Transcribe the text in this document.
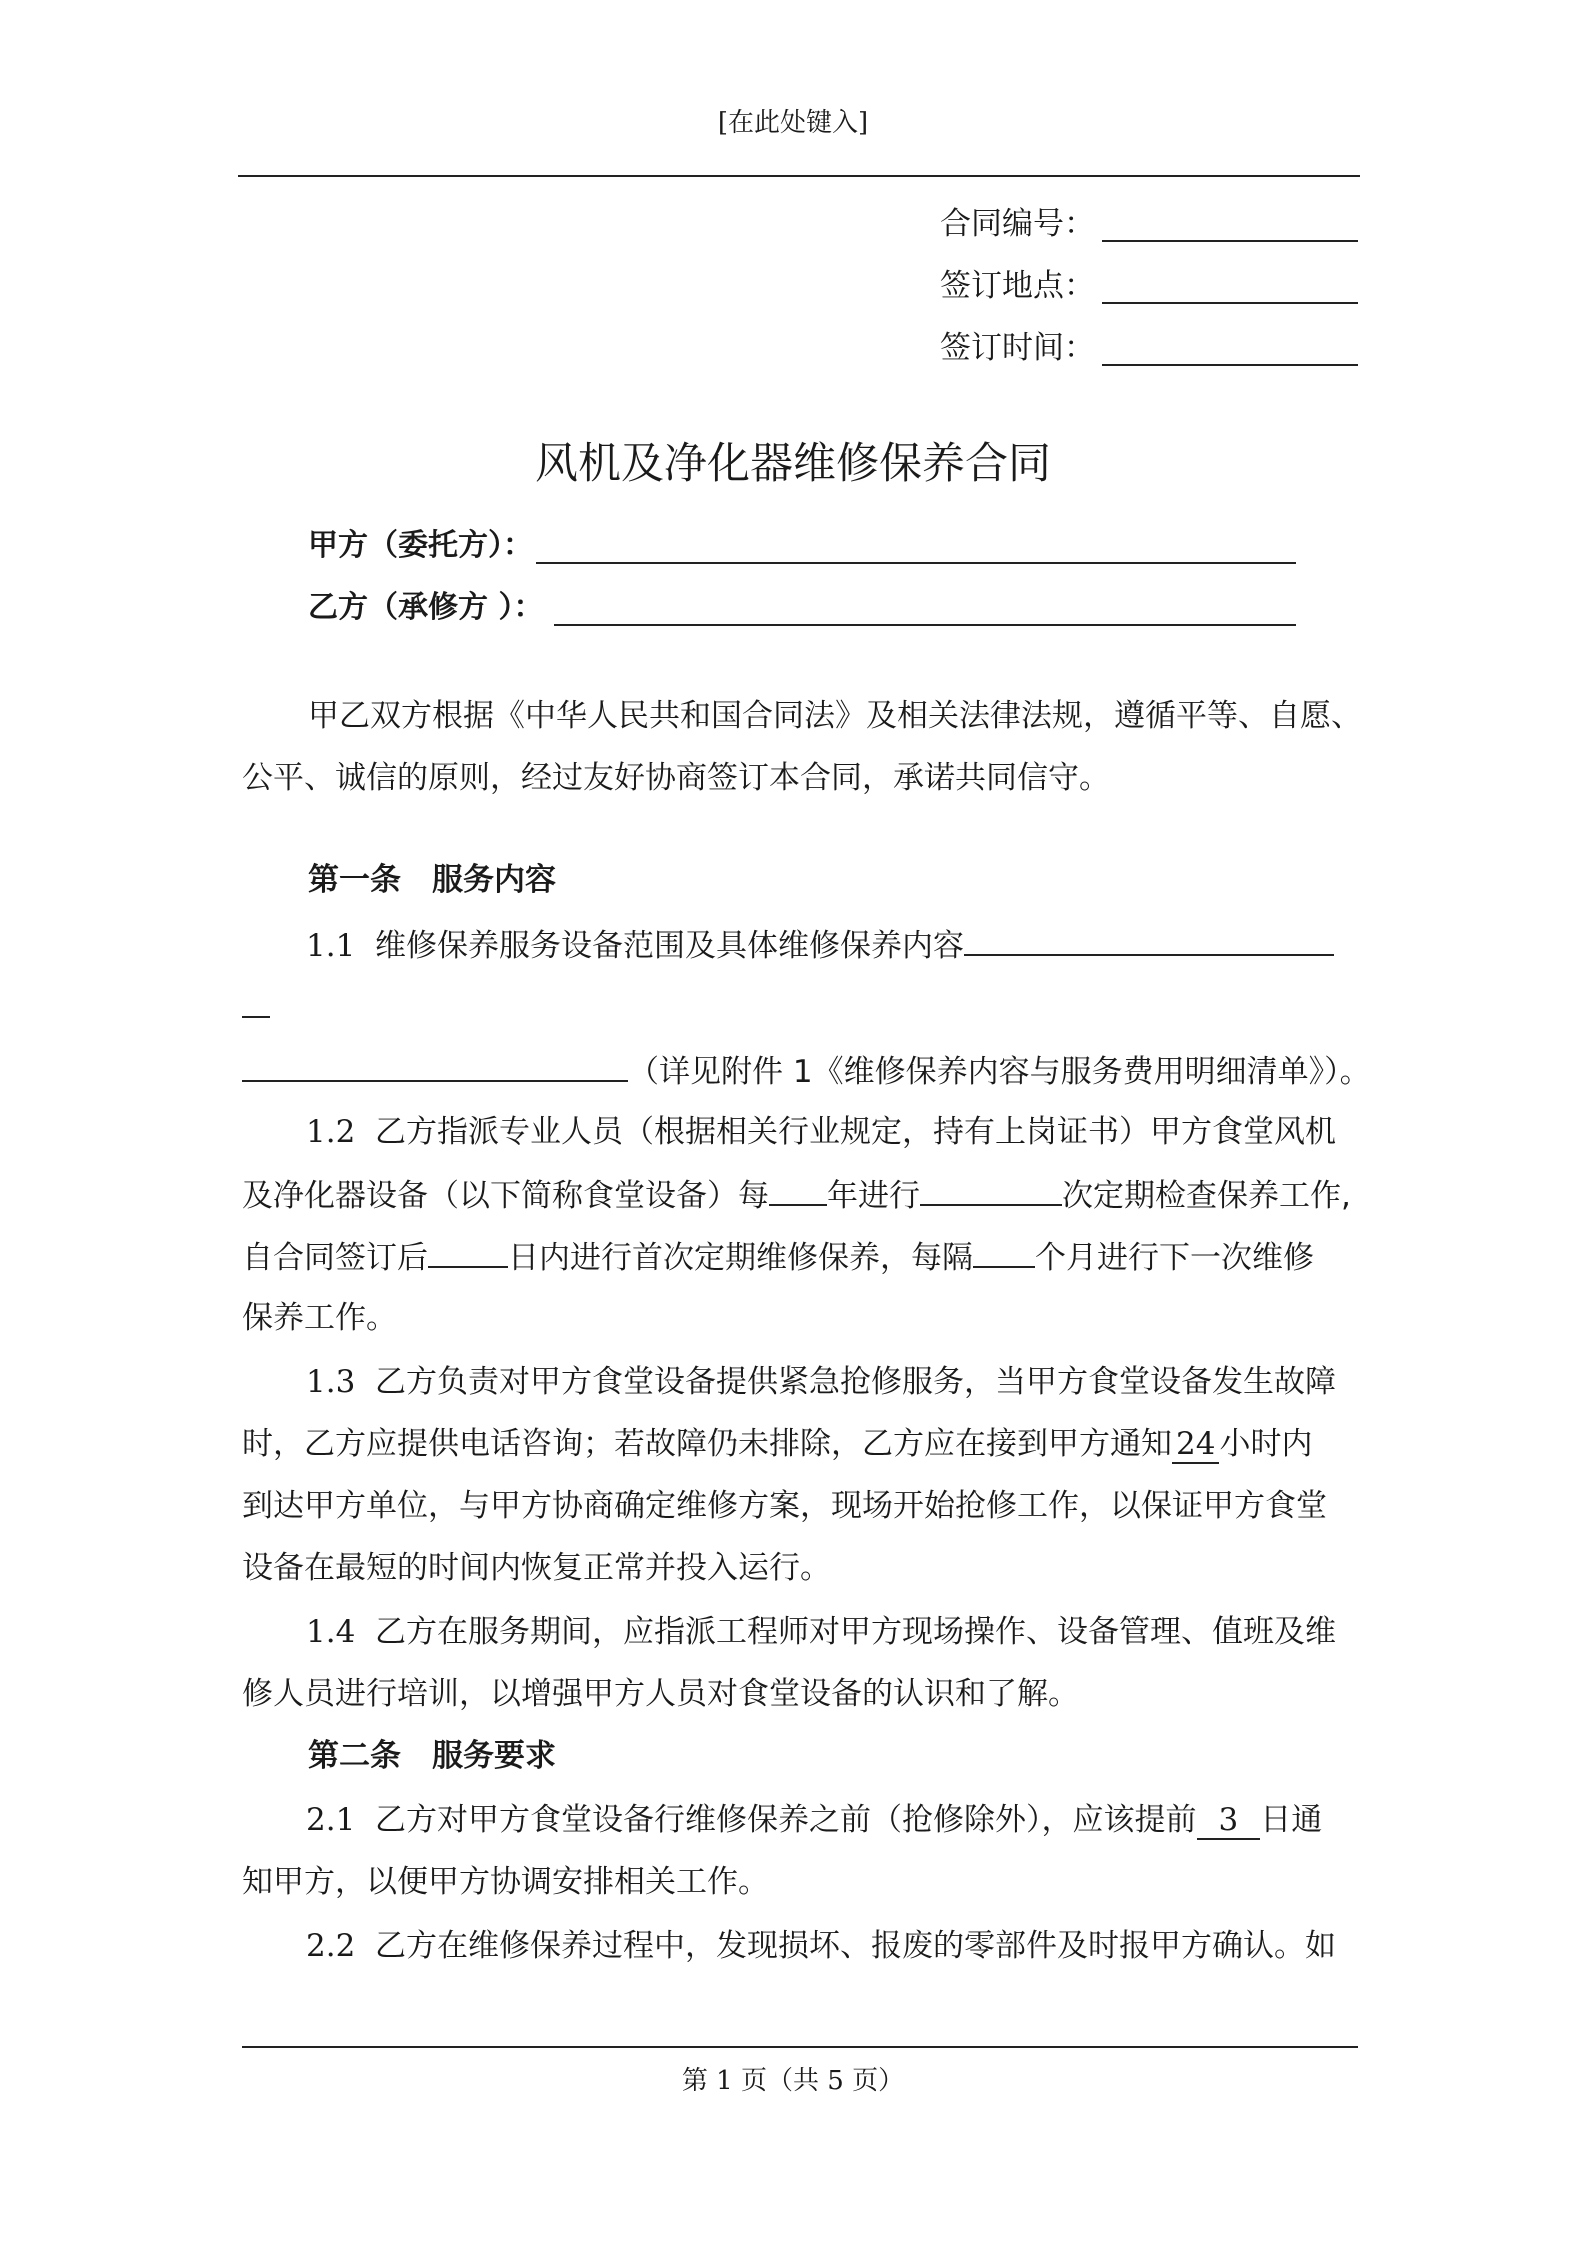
[在此处键入]
合同编号：
签订地点：
签订时间：
风机及净化器维修保养合同
甲方（委托方）：
乙方（承修方 ）：
甲乙双方根据《中华人民共和国合同法》及相关法律法规，遵循平等、自愿、
公平、诚信的原则，经过友好协商签订本合同，承诺共同信守。
第一条　服务内容
1.1 维修保养服务设备范围及具体维修保养内容
（详见附件 1《维修保养内容与服务费用明细清单》）。
1.2 乙方指派专业人员（根据相关行业规定，持有上岗证书）甲方食堂风机
及净化器设备（以下简称食堂设备）每 年进行	次定期检查保养工作,
自合同签订后	日内进行首次定期维修保养，每隔 个月进行下一次维修
保养工作。
1.3 乙方负责对甲方食堂设备提供紧急抢修服务，当甲方食堂设备发生故障
时，乙方应提供电话咨询；若故障仍未排除，乙方应在接到甲方通知 24 小时内
到达甲方单位，与甲方协商确定维修方案，现场开始抢修工作，以保证甲方食堂
设备在最短的时间内恢复正常并投入运行。
1.4 乙方在服务期间，应指派工程师对甲方现场操作、设备管理、值班及维
修人员进行培训，以增强甲方人员对食堂设备的认识和了解。
第二条　服务要求
2.1 乙方对甲方食堂设备行维修保养之前（抢修除外），应该提前 3 日通
知甲方，以便甲方协调安排相关工作。
2.2 乙方在维修保养过程中，发现损坏、报废的零部件及时报甲方确认。如
第 1 页（共 5 页）
